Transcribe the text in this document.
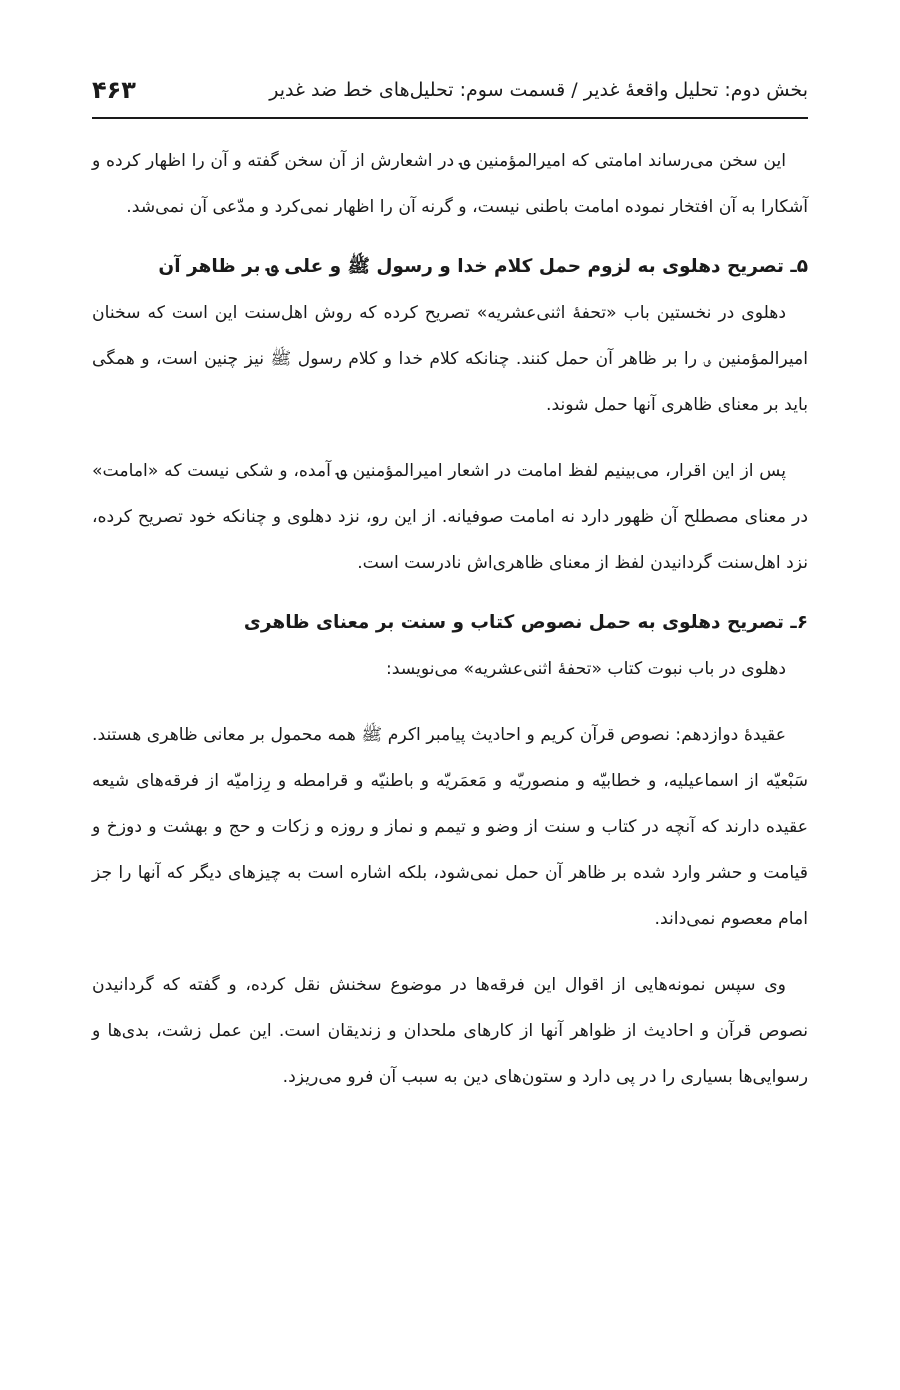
بخش دوم: تحلیل واقعهٔ غدیر / قسمت سوم: تحلیل‌های خط ضد غدیر
۴۶۳

این سخن می‌رساند امامتی که امیرالمؤمنین ؈ در اشعارش از آن سخن گفته و آن را اظهار کرده و آشکارا به آن افتخار نموده امامت باطنی نیست، و گرنه آن را اظهار نمی‌کرد و مدّعی آن نمی‌شد.

۵ـ تصریح دهلوی به لزوم حمل کلام خدا و رسول ﷺ و علی ؈ بر ظاهر آن

دهلوی در نخستین باب «تحفهٔ اثنی‌عشریه» تصریح کرده که روش اهل‌سنت این است که سخنان امیرالمؤمنین ؈ را بر ظاهر آن حمل کنند. چنانکه کلام خدا و کلام رسول ﷺ نیز چنین است، و همگی باید بر معنای ظاهری آنها حمل شوند.

پس از این اقرار، می‌بینیم لفظ امامت در اشعار امیرالمؤمنین ؈ آمده، و شکی نیست که «امامت» در معنای مصطلح آن ظهور دارد نه امامت صوفیانه. از این رو، نزد دهلوی و چنانکه خود تصریح کرده، نزد اهل‌سنت گردانیدن لفظ از معنای ظاهری‌اش نادرست است.

۶ـ تصریح دهلوی به حمل نصوص کتاب و سنت بر معنای ظاهری

دهلوی در باب نبوت کتاب «تحفهٔ اثنی‌عشریه» می‌نویسد:

عقیدهٔ دوازدهم: نصوص قرآن کریم و احادیث پیامبر اکرم ﷺ همه محمول بر معانی ظاهری هستند. سَبْعیّه از اسماعیلیه، و خطابیّه و منصوریّه و مَعمَریّه و باطنیّه و قرامطه و رِزامیّه از فرقه‌های شیعه عقیده دارند که آنچه در کتاب و سنت از وضو و تیمم و نماز و روزه و زکات و حج و بهشت و دوزخ و قیامت و حشر وارد شده بر ظاهر آن حمل نمی‌شود، بلکه اشاره است به چیزهای دیگر که آنها را جز امام معصوم نمی‌داند.

وی سپس نمونه‌هایی از اقوال این فرقه‌ها در موضوع سخنش نقل کرده، و گفته که گردانیدن نصوص قرآن و احادیث از ظواهر آنها از کارهای ملحدان و زندیقان است. این عمل زشت، بدی‌ها و رسوایی‌ها بسیاری را در پی دارد و ستون‌های دین به سبب آن فرو می‌ریزد.
